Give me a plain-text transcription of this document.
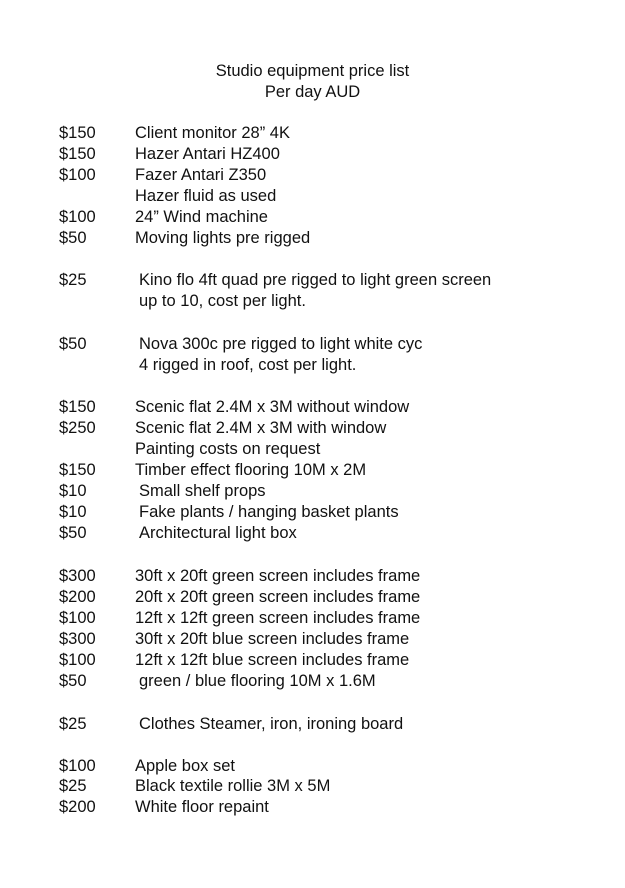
Studio equipment price list
Per day AUD
$150 Client monitor 28” 4K
$150 Hazer Antari HZ400
$100 Fazer Antari Z350
Hazer fluid as used
$100 24” Wind machine
$50	Moving lights pre rigged
$25	Kino flo 4ft quad pre rigged to light green screen
up to 10, cost per light.
$50	Nova 300c pre rigged to light white cyc
4 rigged in roof, cost per light.
$150 Scenic flat 2.4M x 3M without window
$250 Scenic flat 2.4M x 3M with window
Painting costs on request
$150 Timber effect flooring 10M x 2M
$10	Small shelf props
$10	Fake plants / hanging basket plants
$50	Architectural light box
$300 30ft x 20ft green screen includes frame
$200 20ft x 20ft green screen includes frame
$100 12ft x 12ft green screen includes frame
$300 30ft x 20ft blue screen includes frame
$100 12ft x 12ft blue screen includes frame
$50	green / blue flooring 10M x 1.6M
$25	Clothes Steamer, iron, ironing board
$100 Apple box set
$25	Black textile rollie 3M x 5M
$200 White floor repaint
